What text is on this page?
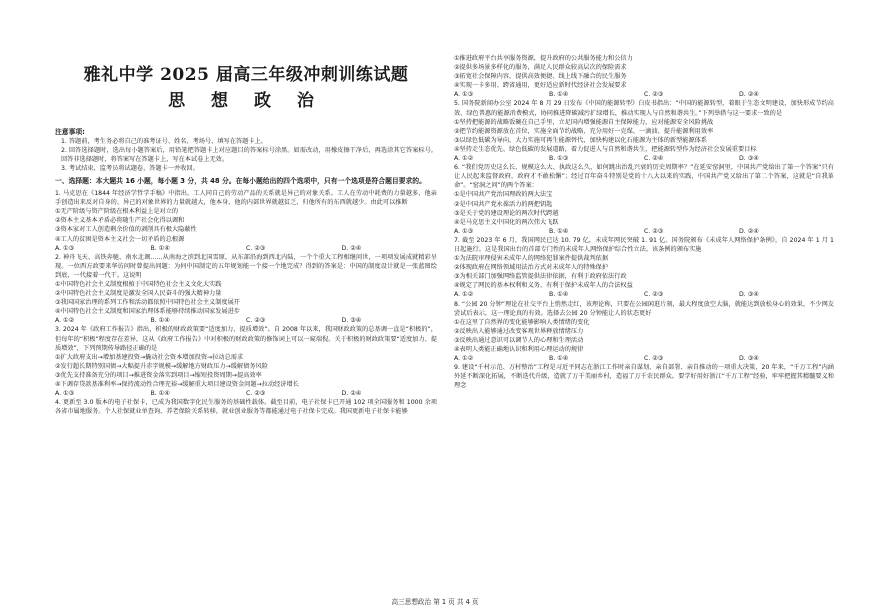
雅礼中学 2025 届高三年级冲刺训练试题
思 想 政 治
注意事项:
1. 答题前，考生务必将自己的准考证号、姓名、考场号、填写在答题卡上。
2. 回答选择题时，选出每小题答案后，用铅笔把答题卡上对应题目的答案标号涂黑。如需改动，用橡皮擦干净后，再选涂其它答案标号。回答非选择题时，将答案写在答题卡上，写在本试卷上无效。
3. 考试结束，监考员将试题卷，答题卡一并收回。
一、选择题：本大题共 16 小题，每小题 3 分，共 48 分。在每小题给出的四个选项中，只有一个选项是符合题目要求的。
1. 马克思在《1844 年经济学哲学手稿》中指出，工人同自己的劳动产品的关系就是异己的对象关系。工人在劳动中耗费的力量越多，他亲手创造出来反对自身的、异己的对象世界的力量就越大，他本身、他的内部世界就越贫乏，归他所有的东西就越少。由此可以推断
①无产阶级与资产阶级在根本利益上是对立的
②资本主义基本矛盾必将随生产社会化得以调和
③资本家对工人创造剩余价值的剥削具有极大隐蔽性
④工人的贫困是资本主义社会一切矛盾的总根源
A. ①③	B. ①④	C. ②③	D. ②④
2. 神舟飞天、高铁奔驰、南水北调……从南海之滨到北国雪原，从东部沿海到西北内陆，一个个重大工程相继问世，一项项发展成就精彩呈现。一位西方政要来华访问时曾提出问题：为何中国制定的五年规划能一个接一个地完成？得到的答案是：中国的制度设计就是一张蓝图绘到底，一代接着一代干。这说明
①中国特色社会主义制度根植于中国特色社会主义文化大实践
②中国特色社会主义制度是激发全国人民奋斗的强大精神力量
③我国国家治理的系列工作和活动都依照中国特色社会主义制度展开
④中国特色社会主义制度和国家治理体系能够持续推动国家发展进步
A. ①②	B. ①④	C. ②③	D. ③④
3. 2024 年《政府工作报告》指出，积极的财政政策要“适度加力、提质增效”。自 2008 年以来，我国财政政策的总基调一直是“积极的”，但每年的“积极”程度存在差异，这从《政府工作报告》中对积极的财政政策的修饰词上可以一窥端倪。关于积极的财政政策要“适度加力、提质增效”，下列预期传导路径正确的是
①扩大政府支出→增加基建投资→撬动社会资本增加投资→拉动总需求
②发行超长期特别国债→大幅提升赤字规模→缓解地方财政压力→缓解债务风险
③优先支持准备充分的项目→推进资金落实到项目→缩短投资周期→提高效率
④下调存贷款基准利率→保持流动性合理充裕→缓解重大项目建设资金问题→拉动经济增长
A. ①③	B. ①④	C. ②③	D. ②④
4. 更新至 3.0 版本的电子社保卡，已成为我国数字化民生服务的基础性载体。截至目前，电子社保卡已开通 102 项全国服务和 1000 余项各省市属地服务。个人社保就业单查询、养老保险关系转移，就业创业服务等都能通过电子社保卡完成。我国更新电子社保卡能够
①推进政府平台共享服务资源，提升政府的公共服务能力和公信力
②提供多场景多样化的服务，满足人民群众较高层次的保险需求
③拓宽社会保障内容，提供高效便捷、线上线下融合的民生服务
④实现一卡多用、跨省通用，更好适应新时代经济社会发展要求
A. ①③	B. ①④	C. ②③	D. ②④
5. 国务院新闻办公室 2024 年 8 月 29 日发布《中国的能源转型》白皮书指出：“中国的能源转型，着眼于生态文明建设，加快形成节约高效、绿色普惠的能源消费模式，协同推进降碳减污扩绿增长，推动实现人与自然和谐共生。”下列举措与这一要求一致的是
①坚持把能源的战略饭碗在自己手里，立足国内增强能源自主保障能力，应对能源安全风险挑战
②把节约能源资源放在首位，实施全面节约战略，充分用好一克煤、一滴油、提升能源利用效率
③以绿色低碳为导向，大力实施可再生能源替代，加快构建以化石能源为主体的新型能源体系
④坚持走生态优先、绿色低碳的发展道路，着力促进人与自然和谐共生，把能源转型作为经济社会发展重要目标
A. ①②	B. ①③	C. ②④	D. ③④
6. “我们党历史这么长、规模这么大、执政这么久，如何跳出治乱兴衰的历史周期率？”在延安窑洞里，中国共产党给出了第一个答案“只有让人民起来监督政府，政府才不敢松懈”；经过百年奋斗特别是党的十八大以来的实践，中国共产党又给出了第二个答案，这就是“自我革命”。“窑洞之问”的两个答案：
①是中国共产党治国理政的两大法宝
②是中国共产党永葆活力的两把钥匙
③是关于党的建设理论的两次时代跨越
④是马克思主义中国化的两次伟大飞跃
A. ①③	B. ①④	C. ②③	D. ②④
7. 截至 2023 年 6 月，我国网民已达 10. 79 亿，未成年网民突破 1. 91 亿。国务院颁布《未成年人网络保护条例》，自 2024 年 1 月 1 日起施行。这是我国出台的首部专门性的未成年人网络保护综合性立法。该条例的颁布实施
①为法院审理侵害未成年人的网络犯罪案件提供裁判依据
②体现政府在网络领域用法治方式对未成年人的特殊保护
③为相关部门加强网络监管提供法律依据，有利于政府依法行政
④规定了网民的基本权利和义务，有利于保护未成年人的合法权益
A. ①②	B. ①④	C. ②③	D. ③④
8. “公园 20 分钟”理论在社交平台上悄然走红，该理论称，只要在公园闲逛片刻，最大程度放空大脑，就能达到放松身心的效果，不少网友尝试后表示，这一理论真的有效。选择去公园 20 分钟能让人的状态更好
①在这里了自然界的变化能够影响人类情绪的变化
②反映出人能够通过改变客观世界释放情绪压力
③反映出通过意识可以调节人的心理和生理活动
④表明人类能正确地认识和利用心理运动的规律
A. ①②	B. ①④	C. ②③	D. ③④
9. 建设“千村示范、万村整治”工程是习近平同志在浙江工作时亲自谋划、亲自部署、亲自推动的一项重大决策，20 年来，“千万工程”内涵外延不断深化拓展，不断迭代升级，造就了万千美丽乡村，造福了万千农民群众。要学好用好浙江“千万工程”经验，牢牢把握其精髓要义和理念
高三思想政治 第 1 页 共 4 页
